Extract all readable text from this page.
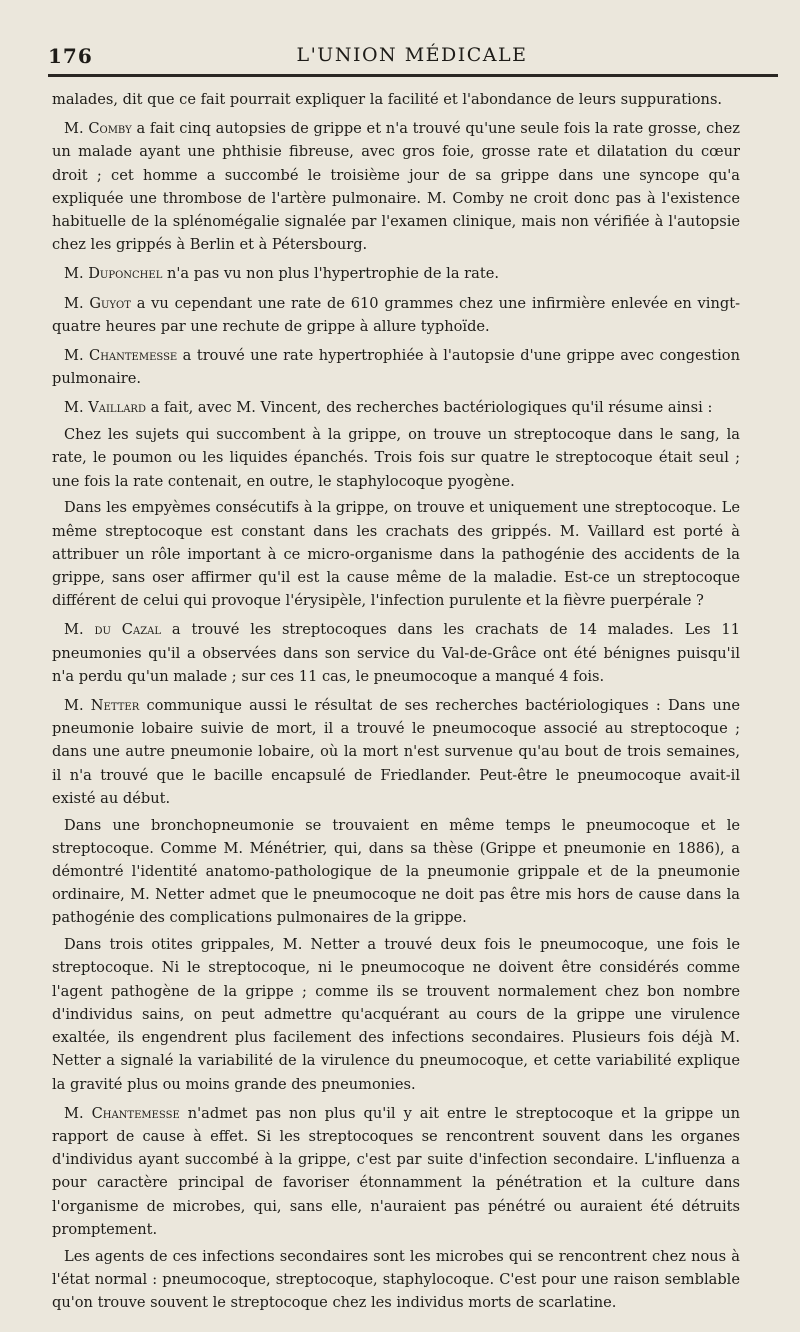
176	L'UNION MÉDICALE

malades, dit que ce fait pourrait expliquer la facilité et l'abondance de leurs suppurations.

M. Comby a fait cinq autopsies de grippe et n'a trouvé qu'une seule fois la rate grosse, chez un malade ayant une phthisie fibreuse, avec gros foie, grosse rate et dilatation du cœur droit ; cet homme a succombé le troisième jour de sa grippe dans une syncope qu'a expliquée une thrombose de l'artère pulmonaire. M. Comby ne croit donc pas à l'existence habituelle de la splénomégalie signalée par l'examen clinique, mais non vérifiée à l'autopsie chez les grippés à Berlin et à Pétersbourg.

M. Duponchel n'a pas vu non plus l'hypertrophie de la rate.

M. Guyot a vu cependant une rate de 610 grammes chez une infirmière enlevée en vingt-quatre heures par une rechute de grippe à allure typhoïde.

M. Chantemesse a trouvé une rate hypertrophiée à l'autopsie d'une grippe avec congestion pulmonaire.

M. Vaillard a fait, avec M. Vincent, des recherches bactériologiques qu'il résume ainsi :

Chez les sujets qui succombent à la grippe, on trouve un streptocoque dans le sang, la rate, le poumon ou les liquides épanchés. Trois fois sur quatre le streptocoque était seul ; une fois la rate contenait, en outre, le staphylocoque pyogène.

Dans les empyèmes consécutifs à la grippe, on trouve et uniquement une streptocoque. Le même streptocoque est constant dans les crachats des grippés. M. Vaillard est porté à attribuer un rôle important à ce micro-organisme dans la pathogénie des accidents de la grippe, sans oser affirmer qu'il est la cause même de la maladie. Est-ce un streptocoque différent de celui qui provoque l'érysipèle, l'infection purulente et la fièvre puerpérale ?

M. du Cazal a trouvé les streptocoques dans les crachats de 14 malades. Les 11 pneumonies qu'il a observées dans son service du Val-de-Grâce ont été bénignes puisqu'il n'a perdu qu'un malade ; sur ces 11 cas, le pneumocoque a manqué 4 fois.

M. Netter communique aussi le résultat de ses recherches bactériologiques : Dans une pneumonie lobaire suivie de mort, il a trouvé le pneumocoque associé au streptocoque ; dans une autre pneumonie lobaire, où la mort n'est survenue qu'au bout de trois semaines, il n'a trouvé que le bacille encapsulé de Friedlander. Peut-être le pneumocoque avait-il existé au début.

Dans une bronchopneumonie se trouvaient en même temps le pneumocoque et le streptocoque. Comme M. Ménétrier, qui, dans sa thèse (Grippe et pneumonie en 1886), a démontré l'identité anatomo-pathologique de la pneumonie grippale et de la pneumonie ordinaire, M. Netter admet que le pneumocoque ne doit pas être mis hors de cause dans la pathogénie des complications pulmonaires de la grippe.

Dans trois otites grippales, M. Netter a trouvé deux fois le pneumocoque, une fois le streptocoque. Ni le streptocoque, ni le pneumocoque ne doivent être considérés comme l'agent pathogène de la grippe ; comme ils se trouvent normalement chez bon nombre d'individus sains, on peut admettre qu'acquérant au cours de la grippe une virulence exaltée, ils engendrent plus facilement des infections secondaires. Plusieurs fois déjà M. Netter a signalé la variabilité de la virulence du pneumocoque, et cette variabilité explique la gravité plus ou moins grande des pneumonies.

M. Chantemesse n'admet pas non plus qu'il y ait entre le streptocoque et la grippe un rapport de cause à effet. Si les streptocoques se rencontrent souvent dans les organes d'individus ayant succombé à la grippe, c'est par suite d'infection secondaire. L'influenza a pour caractère principal de favoriser étonnamment la pénétration et la culture dans l'organisme de microbes, qui, sans elle, n'auraient pas pénétré ou auraient été détruits promptement.

Les agents de ces infections secondaires sont les microbes qui se rencontrent chez nous à l'état normal : pneumocoque, streptocoque, staphylocoque. C'est pour une raison semblable qu'on trouve souvent le streptocoque chez les individus morts de scarlatine.
